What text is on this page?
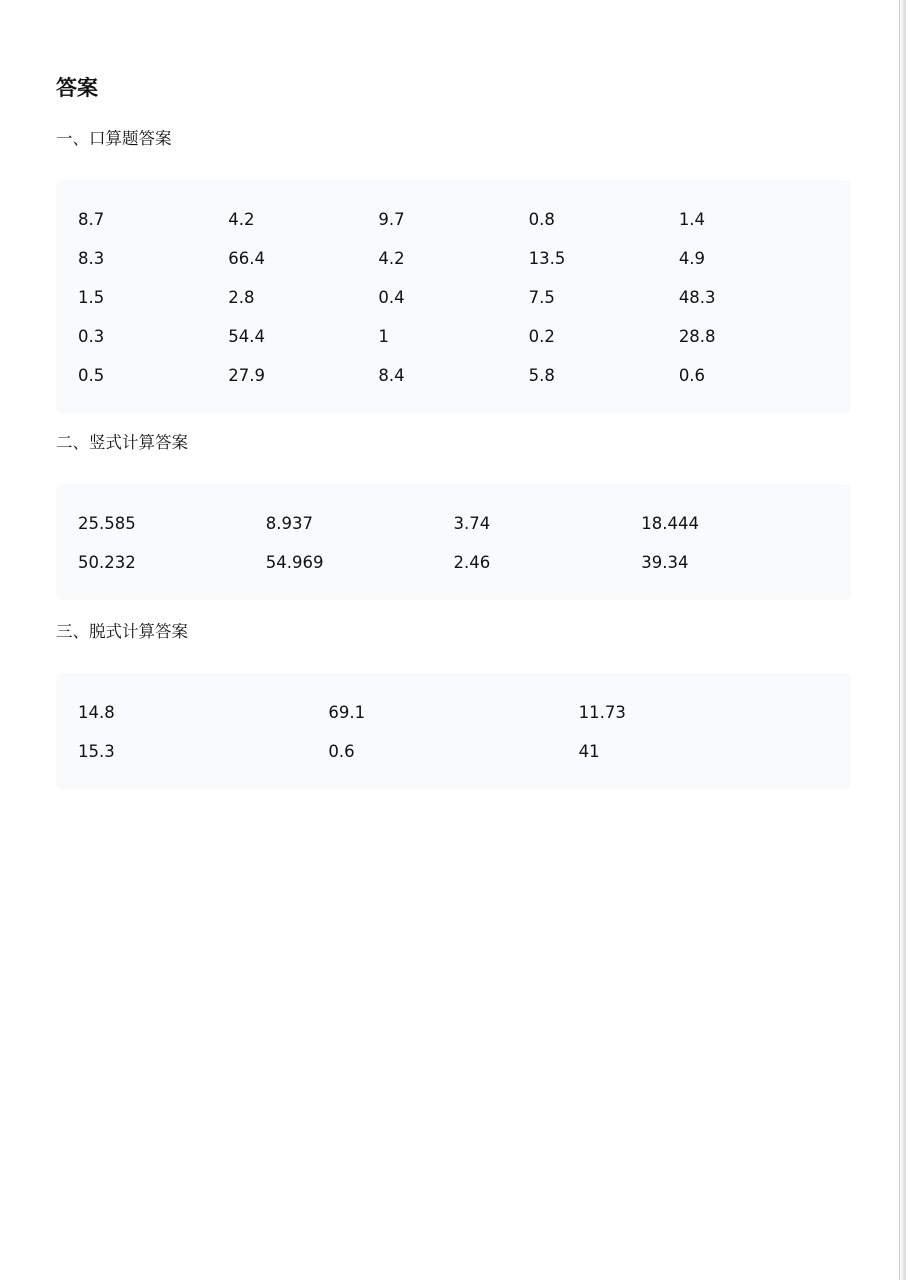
答案
一、口算题答案
8.7	4.2	9.7	0.8	1.4
8.3	66.4	4.2	13.5	4.9
1.5	2.8	0.4	7.5	48.3
0.3	54.4	1	0.2	28.8
0.5	27.9	8.4	5.8	0.6
二、竖式计算答案
25.585	8.937	3.74	18.444
50.232	54.969	2.46	39.34
三、脱式计算答案
14.8	69.1	11.73
15.3	0.6	41
